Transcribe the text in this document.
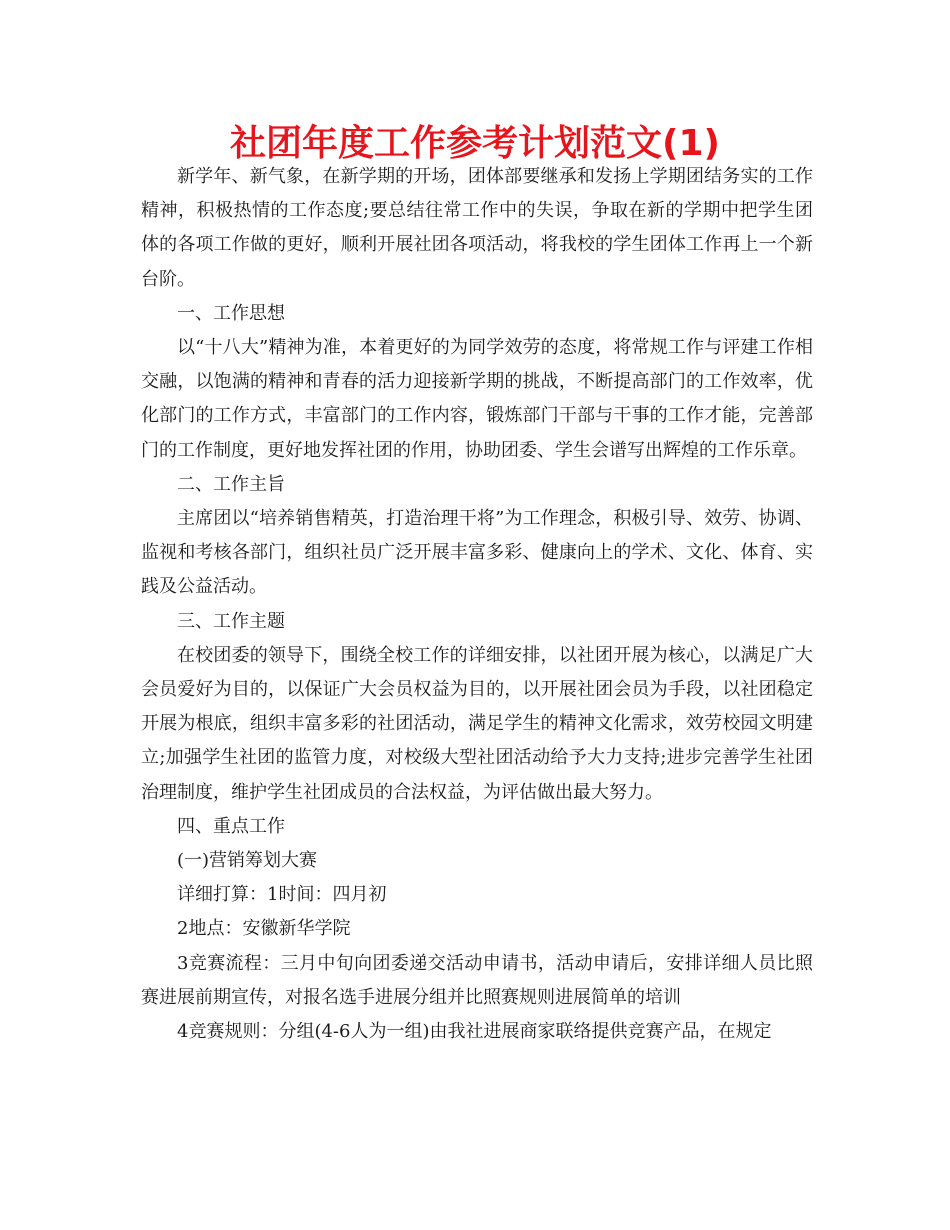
社团年度工作参考计划范文(1)

新学年、新气象，在新学期的开场，团体部要继承和发扬上学期团结务实的工作精神，积极热情的工作态度;要总结往常工作中的失误，争取在新的学期中把学生团体的各项工作做的更好，顺利开展社团各项活动，将我校的学生团体工作再上一个新台阶。

一、工作思想

以“十八大”精神为准，本着更好的为同学效劳的态度，将常规工作与评建工作相交融，以饱满的精神和青春的活力迎接新学期的挑战，不断提高部门的工作效率，优化部门的工作方式，丰富部门的工作内容，锻炼部门干部与干事的工作才能，完善部门的工作制度，更好地发挥社团的作用，协助团委、学生会谱写出辉煌的工作乐章。

二、工作主旨

主席团以“培养销售精英，打造治理干将”为工作理念，积极引导、效劳、协调、监视和考核各部门，组织社员广泛开展丰富多彩、健康向上的学术、文化、体育、实践及公益活动。

三、工作主题

在校团委的领导下，围绕全校工作的详细安排，以社团开展为核心，以满足广大会员爱好为目的，以保证广大会员权益为目的，以开展社团会员为手段，以社团稳定开展为根底，组织丰富多彩的社团活动，满足学生的精神文化需求，效劳校园文明建立;加强学生社团的监管力度，对校级大型社团活动给予大力支持;进步完善学生社团治理制度，维护学生社团成员的合法权益，为评估做出最大努力。

四、重点工作

(一)营销筹划大赛

详细打算：1时间：四月初

2地点：安徽新华学院

3竞赛流程：三月中旬向团委递交活动申请书，活动申请后，安排详细人员比照赛进展前期宣传，对报名选手进展分组并比照赛规则进展简单的培训

4竞赛规则：分组(4-6人为一组)由我社进展商家联络提供竞赛产品，在规定
